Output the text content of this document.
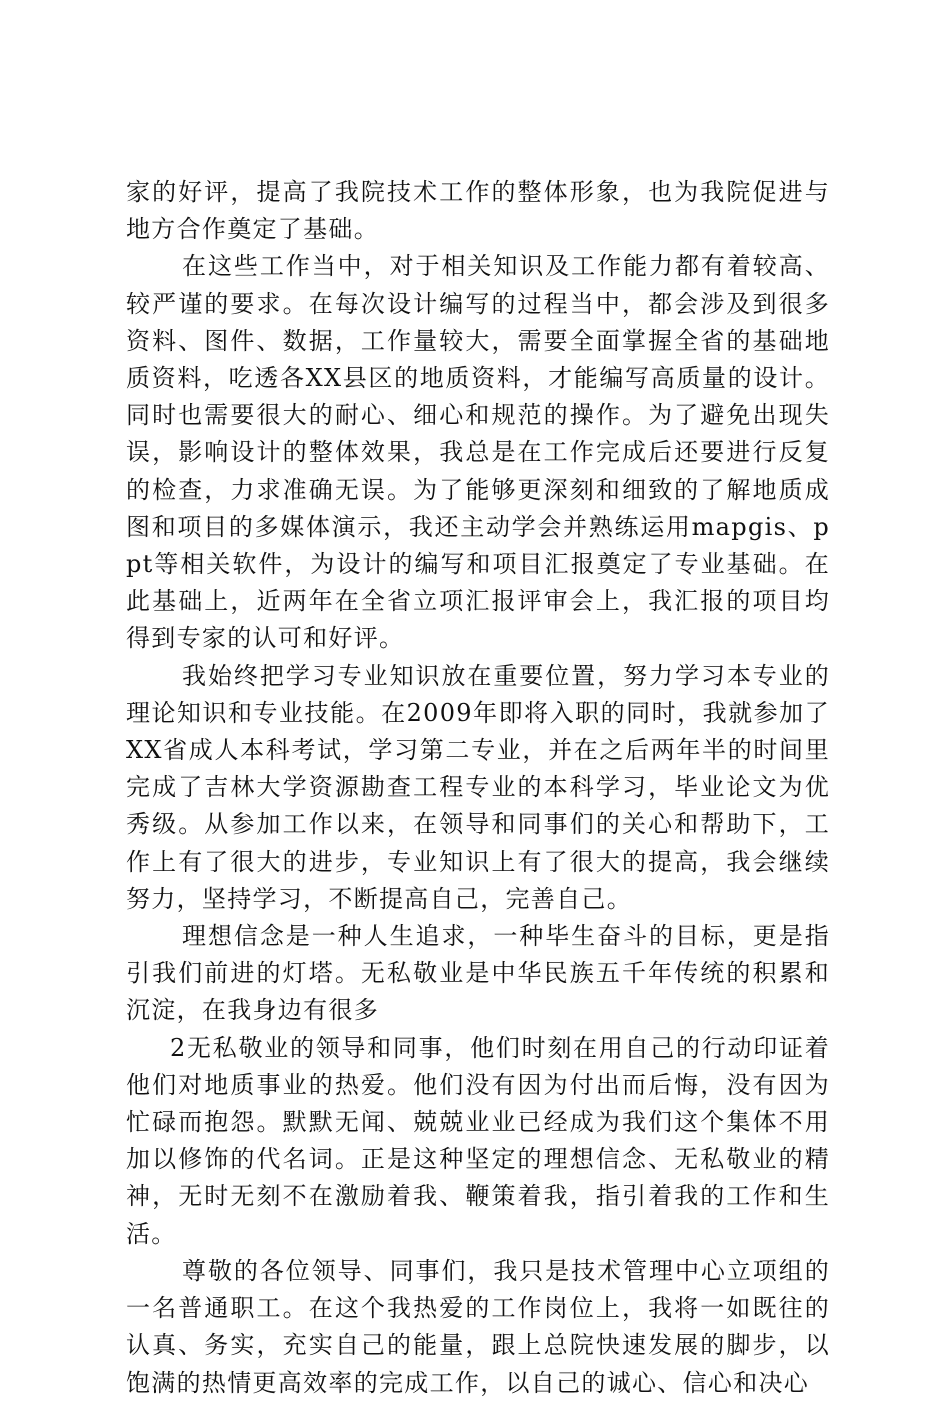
家的好评，提高了我院技术工作的整体形象，也为我院促进与地方合作奠定了基础。

在这些工作当中，对于相关知识及工作能力都有着较高、较严谨的要求。在每次设计编写的过程当中，都会涉及到很多资料、图件、数据，工作量较大，需要全面掌握全省的基础地质资料，吃透各XX县区的地质资料，才能编写高质量的设计。同时也需要很大的耐心、细心和规范的操作。为了避免出现失误，影响设计的整体效果，我总是在工作完成后还要进行反复的检查，力求准确无误。为了能够更深刻和细致的了解地质成图和项目的多媒体演示，我还主动学会并熟练运用mapgis、ppt等相关软件，为设计的编写和项目汇报奠定了专业基础。在此基础上，近两年在全省立项汇报评审会上，我汇报的项目均得到专家的认可和好评。

我始终把学习专业知识放在重要位置，努力学习本专业的理论知识和专业技能。在2009年即将入职的同时，我就参加了XX省成人本科考试，学习第二专业，并在之后两年半的时间里完成了吉林大学资源勘查工程专业的本科学习，毕业论文为优秀级。从参加工作以来，在领导和同事们的关心和帮助下，工作上有了很大的进步，专业知识上有了很大的提高，我会继续努力，坚持学习，不断提高自己，完善自己。

理想信念是一种人生追求，一种毕生奋斗的目标，更是指引我们前进的灯塔。无私敬业是中华民族五千年传统的积累和沉淀，在我身边有很多

2无私敬业的领导和同事，他们时刻在用自己的行动印证着他们对地质事业的热爱。他们没有因为付出而后悔，没有因为忙碌而抱怨。默默无闻、兢兢业业已经成为我们这个集体不用加以修饰的代名词。正是这种坚定的理想信念、无私敬业的精神，无时无刻不在激励着我、鞭策着我，指引着我的工作和生活。

尊敬的各位领导、同事们，我只是技术管理中心立项组的一名普通职工。在这个我热爱的工作岗位上，我将一如既往的认真、务实，充实自己的能量，跟上总院快速发展的脚步，以饱满的热情更高效率的完成工作，以自己的诚心、信心和决心
